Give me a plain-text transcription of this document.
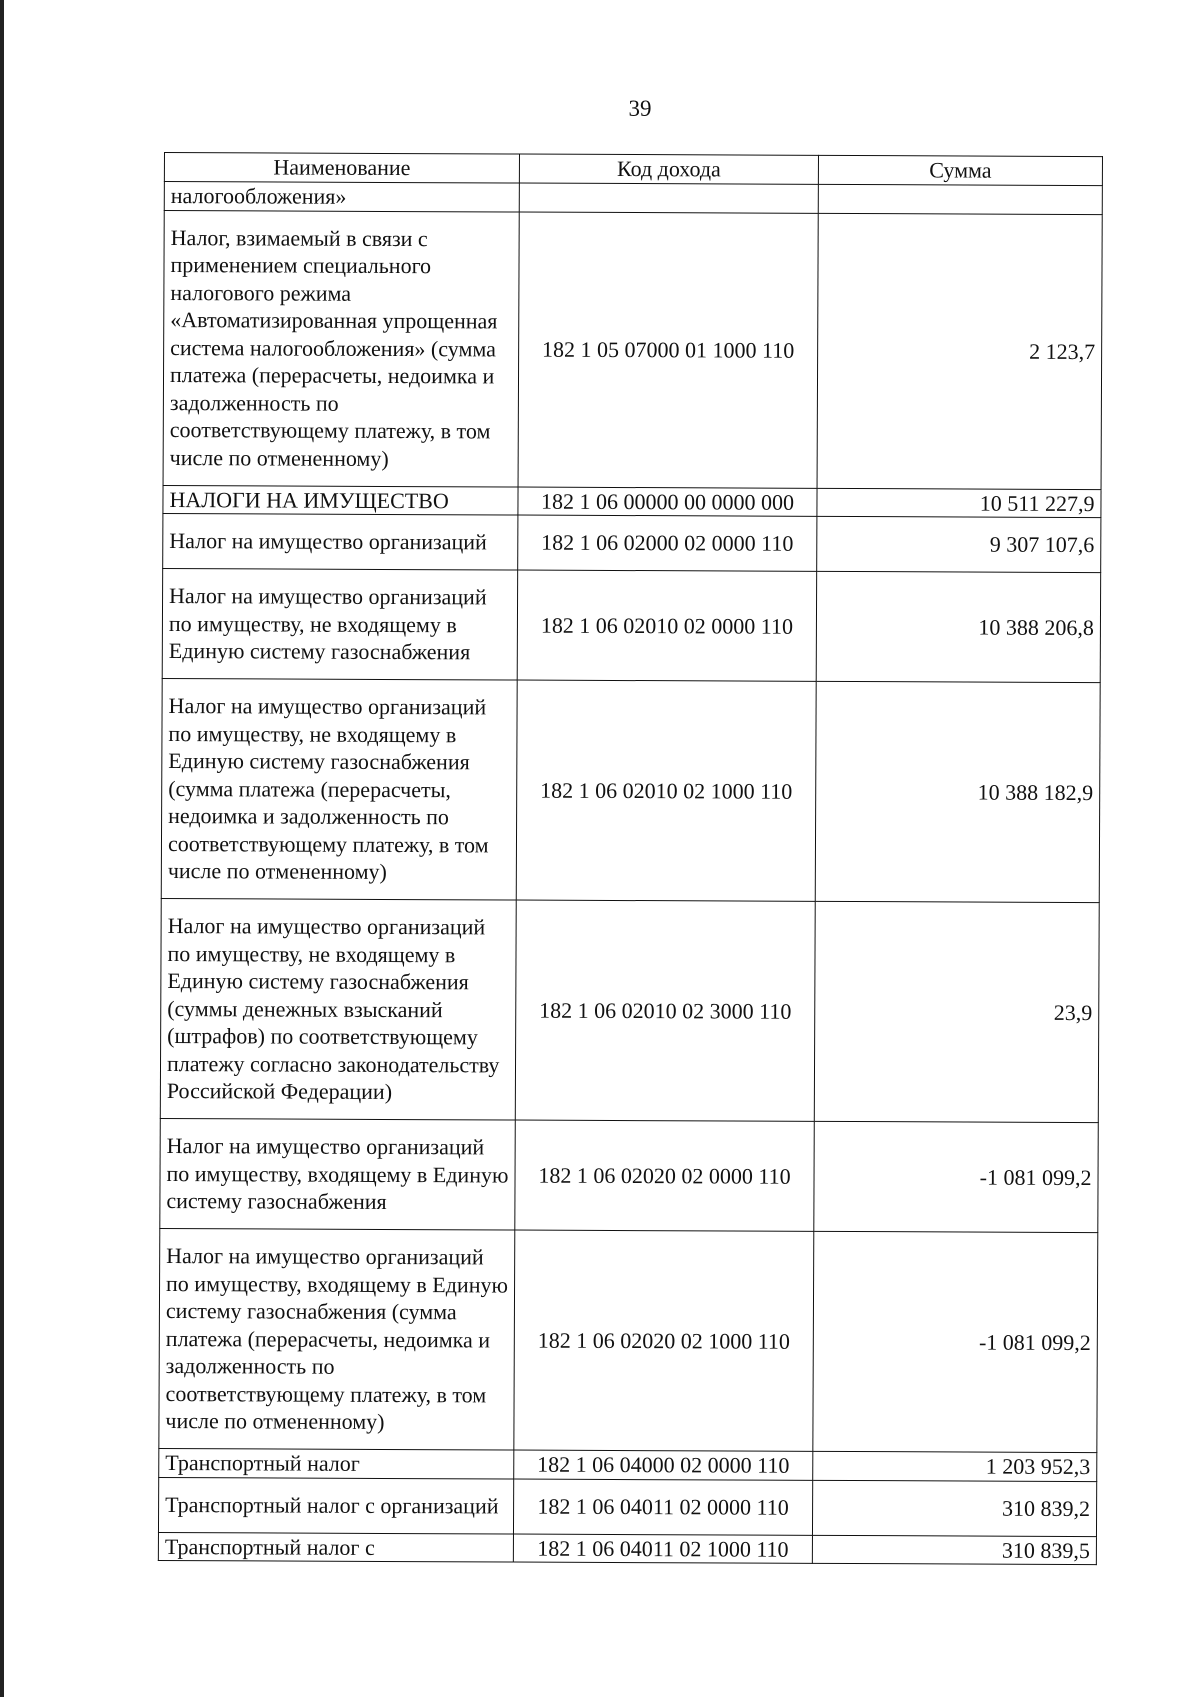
39
Наименование	Код дохода	Сумма
налогообложения»		
Налог, взимаемый в связи с применением специального налогового режима «Автоматизированная упрощенная система налогообложения» (сумма платежа (перерасчеты, недоимка и задолженность по соответствующему платежу, в том числе по отмененному)	182 1 05 07000 01 1000 110	2 123,7
НАЛОГИ НА ИМУЩЕСТВО	182 1 06 00000 00 0000 000	10 511 227,9
Налог на имущество организаций	182 1 06 02000 02 0000 110	9 307 107,6
Налог на имущество организаций по имуществу, не входящему в Единую систему газоснабжения	182 1 06 02010 02 0000 110	10 388 206,8
Налог на имущество организаций по имуществу, не входящему в Единую систему газоснабжения (сумма платежа (перерасчеты, недоимка и задолженность по соответствующему платежу, в том числе по отмененному)	182 1 06 02010 02 1000 110	10 388 182,9
Налог на имущество организаций по имуществу, не входящему в Единую систему газоснабжения (суммы денежных взысканий (штрафов) по соответствующему платежу согласно законодательству Российской Федерации)	182 1 06 02010 02 3000 110	23,9
Налог на имущество организаций по имуществу, входящему в Единую систему газоснабжения	182 1 06 02020 02 0000 110	-1 081 099,2
Налог на имущество организаций по имуществу, входящему в Единую систему газоснабжения (сумма платежа (перерасчеты, недоимка и задолженность по соответствующему платежу, в том числе по отмененному)	182 1 06 02020 02 1000 110	-1 081 099,2
Транспортный налог	182 1 06 04000 02 0000 110	1 203 952,3
Транспортный налог с организаций	182 1 06 04011 02 0000 110	310 839,2
Транспортный налог с	182 1 06 04011 02 1000 110	310 839,5
